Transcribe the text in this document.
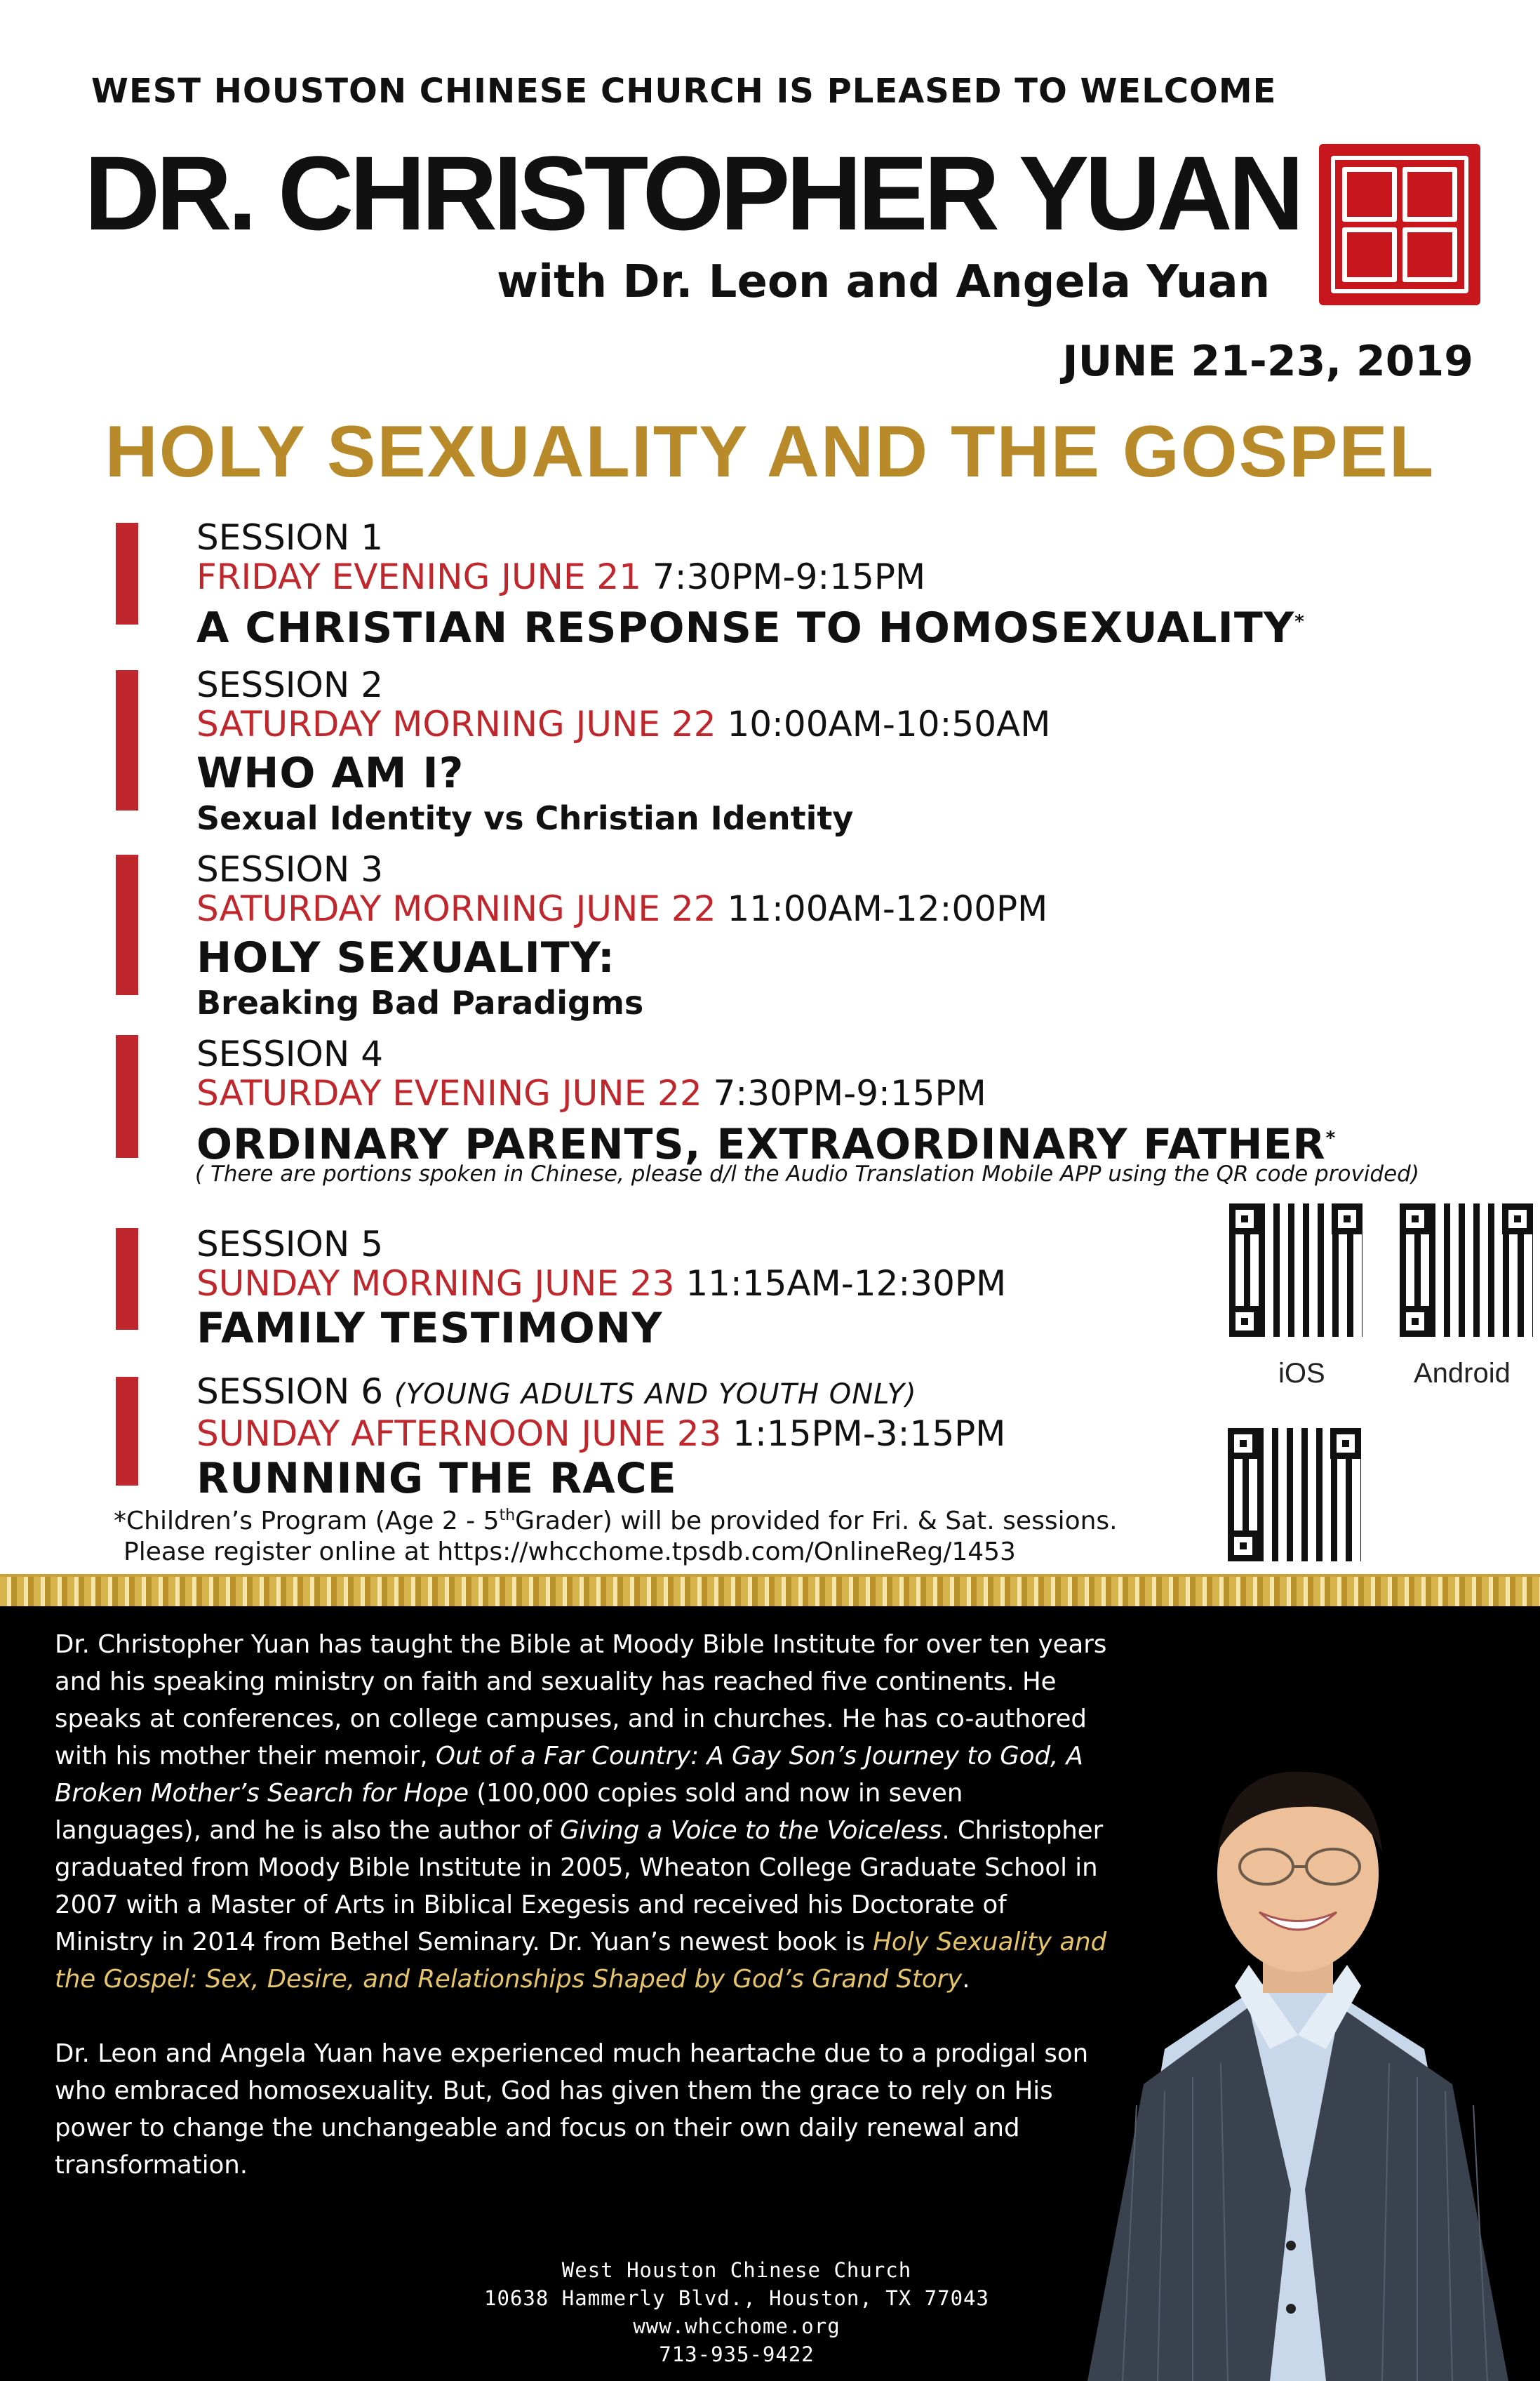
WEST HOUSTON CHINESE CHURCH IS PLEASED TO WELCOME
DR. CHRISTOPHER YUAN
with Dr. Leon and Angela Yuan
JUNE 21-23, 2019
HOLY SEXUALITY AND THE GOSPEL
SESSION 1
FRIDAY EVENING JUNE 21 7:30PM-9:15PM
A CHRISTIAN RESPONSE TO HOMOSEXUALITY*
SESSION 2
SATURDAY MORNING JUNE 22 10:00AM-10:50AM
WHO AM I?
Sexual Identity vs Christian Identity
SESSION 3
SATURDAY MORNING JUNE 22 11:00AM-12:00PM
HOLY SEXUALITY:
Breaking Bad Paradigms
SESSION 4
SATURDAY EVENING JUNE 22 7:30PM-9:15PM
ORDINARY PARENTS, EXTRAORDINARY FATHER*
( There are portions spoken in Chinese, please d/l the Audio Translation Mobile APP using the QR code provided)
SESSION 5
SUNDAY MORNING JUNE 23 11:15AM-12:30PM
FAMILY TESTIMONY
SESSION 6 (YOUNG ADULTS AND YOUTH ONLY)
SUNDAY AFTERNOON JUNE 23 1:15PM-3:15PM
RUNNING THE RACE
iOS	Android
*Children’s Program (Age 2 - 5thGrader) will be provided for Fri. & Sat. sessions.
Please register online at https://whcchome.tpsdb.com/OnlineReg/1453

Dr. Christopher Yuan has taught the Bible at Moody Bible Institute for over ten years and his speaking ministry on faith and sexuality has reached five continents. He speaks at conferences, on college campuses, and in churches. He has co-authored with his mother their memoir, Out of a Far Country: A Gay Son’s Journey to God, A Broken Mother’s Search for Hope (100,000 copies sold and now in seven languages), and he is also the author of Giving a Voice to the Voiceless. Christopher graduated from Moody Bible Institute in 2005, Wheaton College Graduate School in 2007 with a Master of Arts in Biblical Exegesis and received his Doctorate of Ministry in 2014 from Bethel Seminary. Dr. Yuan’s newest book is Holy Sexuality and the Gospel: Sex, Desire, and Relationships Shaped by God’s Grand Story.

Dr. Leon and Angela Yuan have experienced much heartache due to a prodigal son who embraced homosexuality. But, God has given them the grace to rely on His power to change the unchangeable and focus on their own daily renewal and transformation.

West Houston Chinese Church
10638 Hammerly Blvd., Houston, TX 77043
www.whcchome.org
713-935-9422
